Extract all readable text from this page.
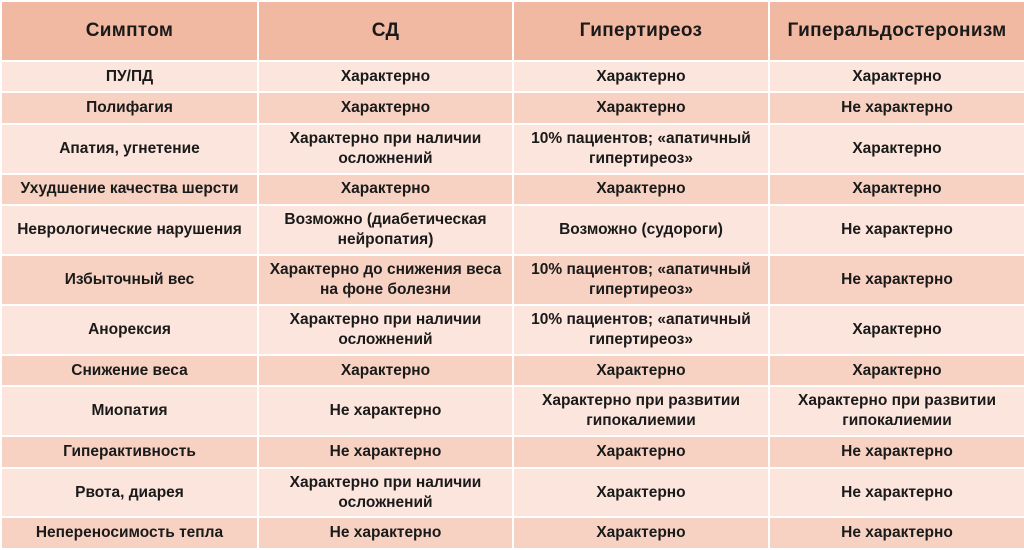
Симптом	СД	Гипертиреоз	Гиперальдостеронизм
ПУ/ПД	Характерно	Характерно	Характерно
Полифагия	Характерно	Характерно	Не характерно
Апатия, угнетение	Характерно при наличии осложнений	10% пациентов; «апатичный гипертиреоз»	Характерно
Ухудшение качества шерсти	Характерно	Характерно	Характерно
Неврологические нарушения	Возможно (диабетическая нейропатия)	Возможно (судороги)	Не характерно
Избыточный вес	Характерно до снижения веса на фоне болезни	10% пациентов; «апатичный гипертиреоз»	Не характерно
Анорексия	Характерно при наличии осложнений	10% пациентов; «апатичный гипертиреоз»	Характерно
Снижение веса	Характерно	Характерно	Характерно
Миопатия	Не характерно	Характерно при развитии гипокалиемии	Характерно при развитии гипокалиемии
Гиперактивность	Не характерно	Характерно	Не характерно
Рвота, диарея	Характерно при наличии осложнений	Характерно	Не характерно
Непереносимость тепла	Не характерно	Характерно	Не характерно
